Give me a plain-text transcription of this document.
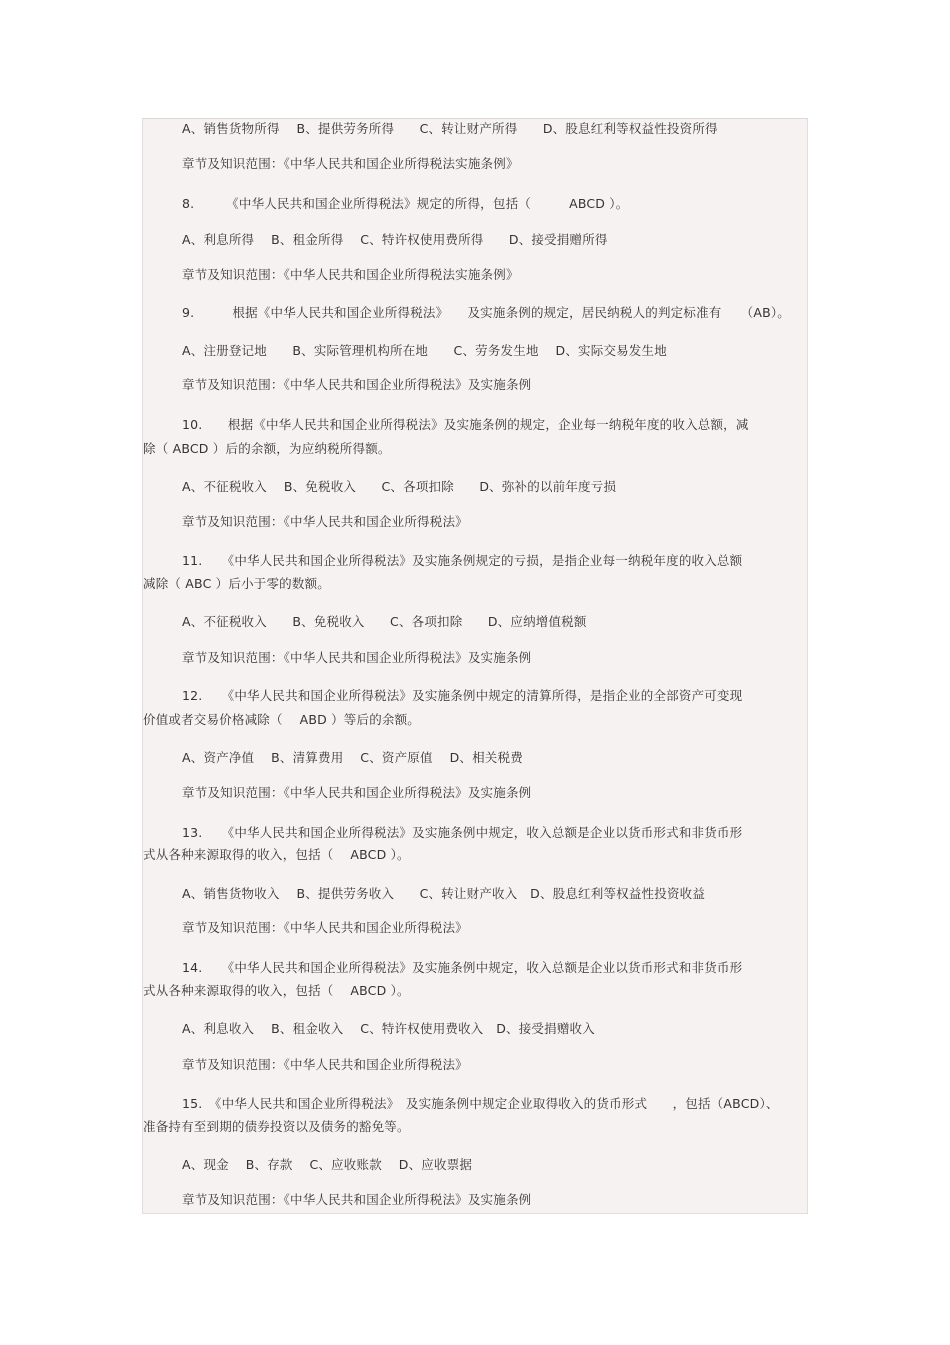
A、销售货物所得　 B、提供劳务所得　　C、转让财产所得　　D、股息红利等权益性投资所得
章节及知识范围：《中华人民共和国企业所得税法实施条例》
8.　　　《中华人民共和国企业所得税法》规定的所得，包括（　　　ABCD ）。
A、利息所得　 B、租金所得　 C、特许权使用费所得　　D、接受捐赠所得
章节及知识范围：《中华人民共和国企业所得税法实施条例》
9.　　　根据《中华人民共和国企业所得税法》　　及实施条例的规定，居民纳税人的判定标准有　　（AB）。
A、注册登记地　　B、实际管理机构所在地　　C、劳务发生地　 D、实际交易发生地
章节及知识范围：《中华人民共和国企业所得税法》及实施条例
10.　　根据《中华人民共和国企业所得税法》及实施条例的规定，企业每一纳税年度的收入总额，减
除（ ABCD ）后的余额，为应纳税所得额。
A、不征税收入　 B、免税收入　　C、各项扣除　　D、弥补的以前年度亏损
章节及知识范围：《中华人民共和国企业所得税法》
11.　　《中华人民共和国企业所得税法》及实施条例规定的亏损，是指企业每一纳税年度的收入总额
减除（ ABC ）后小于零的数额。
A、不征税收入　　B、免税收入　　C、各项扣除　　D、应纳增值税额
章节及知识范围：《中华人民共和国企业所得税法》及实施条例
12.　　《中华人民共和国企业所得税法》及实施条例中规定的清算所得，是指企业的全部资产可变现
价值或者交易价格减除（　 ABD ）等后的余额。
A、资产净值　 B、清算费用　 C、资产原值　 D、相关税费
章节及知识范围：《中华人民共和国企业所得税法》及实施条例
13.　　《中华人民共和国企业所得税法》及实施条例中规定，收入总额是企业以货币形式和非货币形
式从各种来源取得的收入，包括（　 ABCD ）。
A、销售货物收入　 B、提供劳务收入　　C、转让财产收入　D、股息红利等权益性投资收益
章节及知识范围：《中华人民共和国企业所得税法》
14.　　《中华人民共和国企业所得税法》及实施条例中规定，收入总额是企业以货币形式和非货币形
式从各种来源取得的收入，包括（　 ABCD ）。
A、利息收入　 B、租金收入　 C、特许权使用费收入　D、接受捐赠收入
章节及知识范围：《中华人民共和国企业所得税法》
15.　《中华人民共和国企业所得税法》　及实施条例中规定企业取得收入的货币形式　　，包括（ABCD）、
准备持有至到期的债券投资以及债务的豁免等。
A、现金　 B、存款　 C、应收账款　 D、应收票据
章节及知识范围：《中华人民共和国企业所得税法》及实施条例
